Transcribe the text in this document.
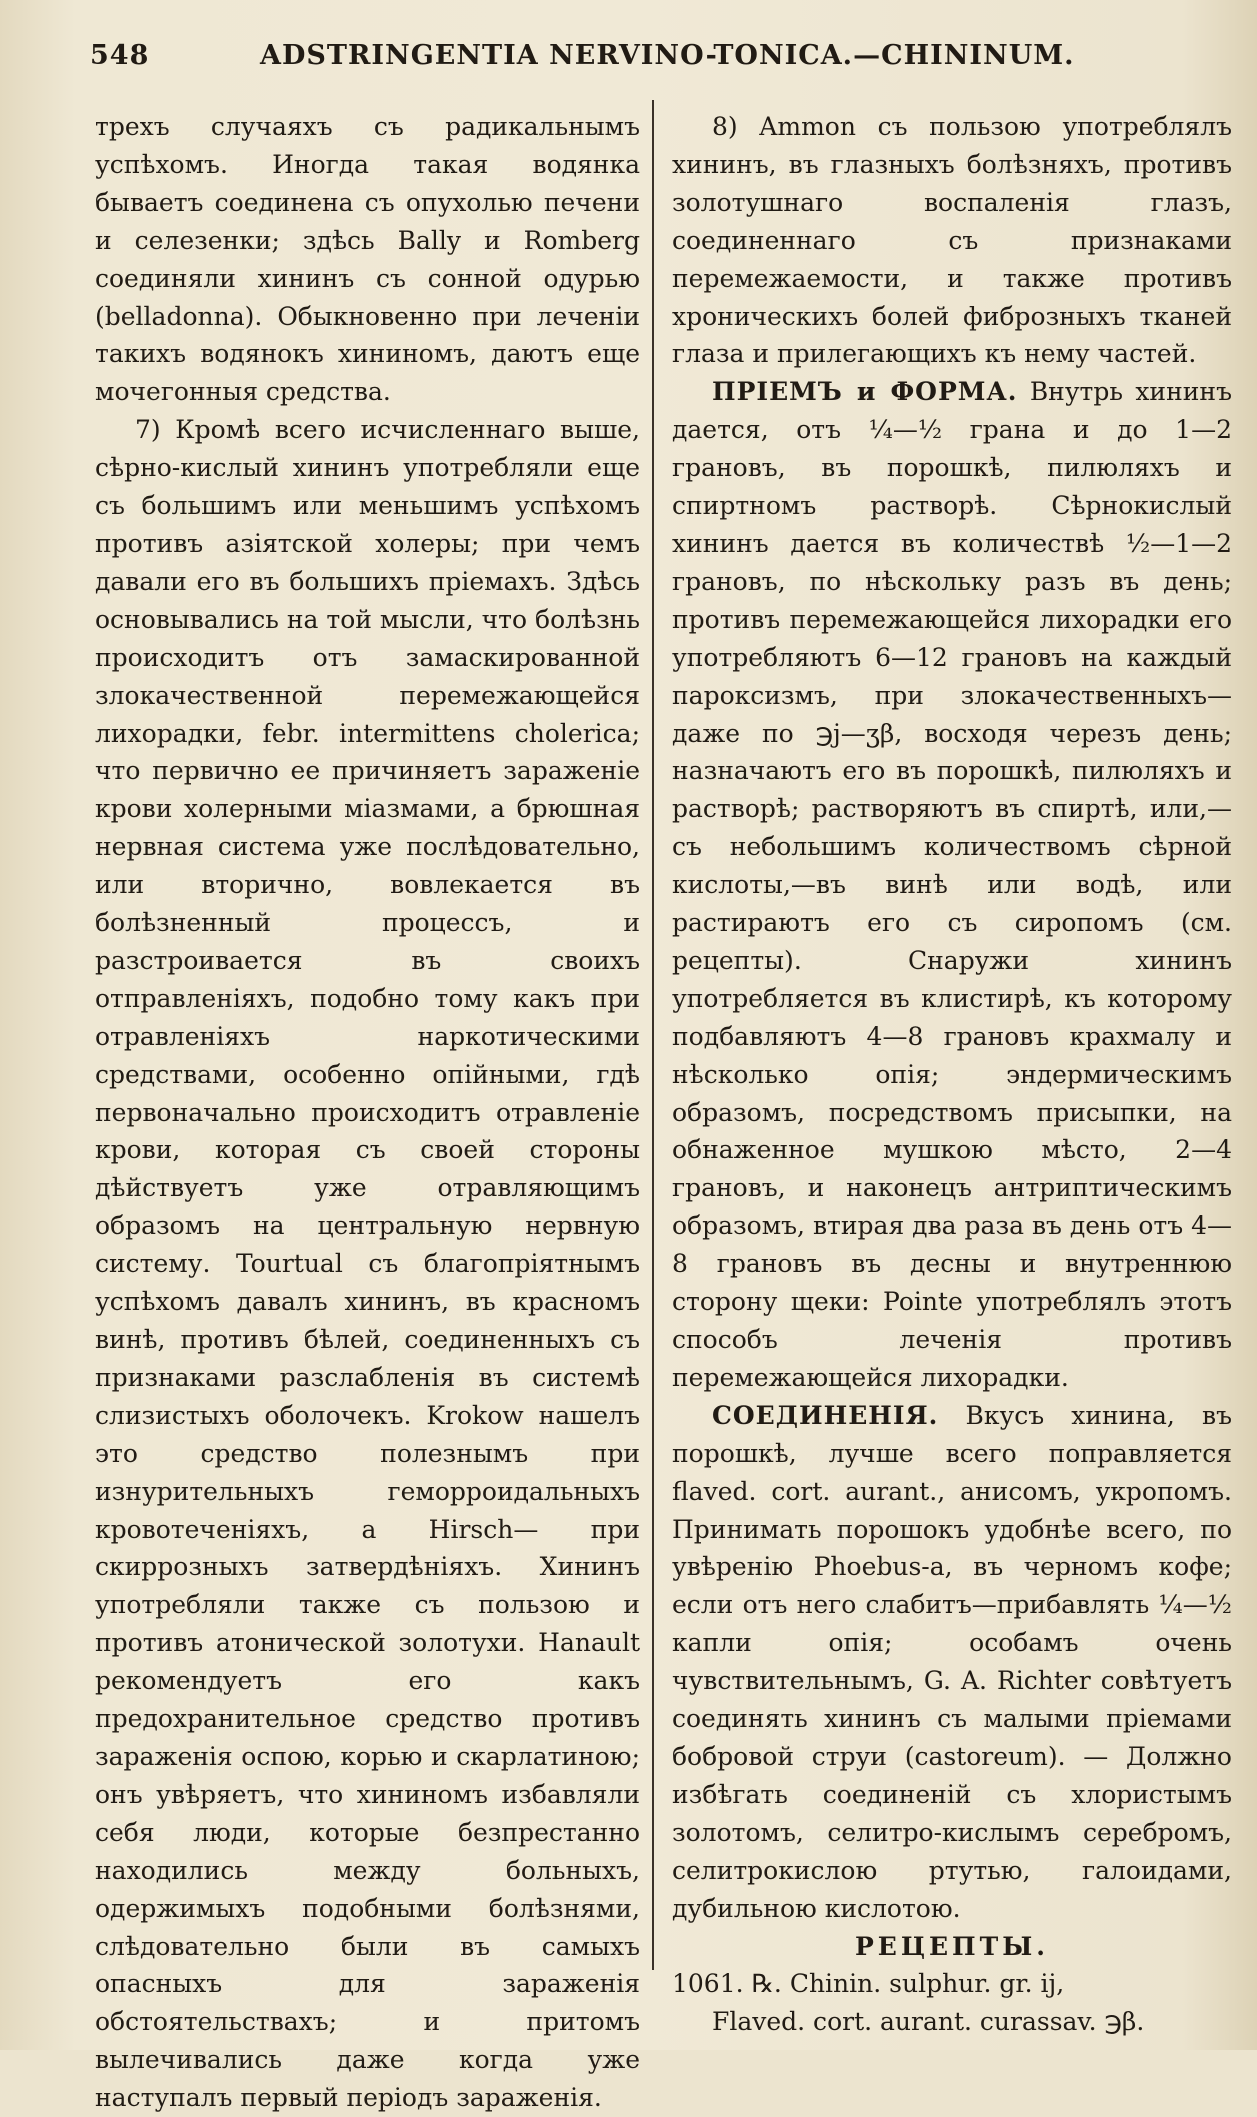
548	ADSTRINGENTIA NERVINO-TONICA.—CHININUM.

трехъ случаяхъ съ радикальнымъ успѣхомъ. Иногда такая водянка бываетъ соединена съ опухолью печени и селезенки; здѣсь Bally и Romberg соединяли хининъ съ сонной одурью (belladonna). Обыкновенно при леченіи такихъ водянокъ хининомъ, даютъ еще мочегонныя средства.

7) Кромѣ всего исчисленнаго выше, сѣрно-кислый хининъ употребляли еще съ большимъ или меньшимъ успѣхомъ противъ азіятской холеры; при чемъ давали его въ большихъ пріемахъ. Здѣсь основывались на той мысли, что болѣзнь происходитъ отъ замаскированной злокачественной перемежающейся лихорадки, febr. intermittens cholerica; что первично ее причиняетъ зараженіе крови холерными міазмами, а брюшная нервная система уже послѣдовательно, или вторично, вовлекается въ болѣзненный процессъ, и разстроивается въ своихъ отправленіяхъ, подобно тому какъ при отравленіяхъ наркотическими средствами, особенно опійными, гдѣ первоначально происходитъ отравленіе крови, которая съ своей стороны дѣйствуетъ уже отравляющимъ образомъ на центральную нервную систему. Tourtual съ благопріятнымъ успѣхомъ давалъ хининъ, въ красномъ винѣ, противъ бѣлей, соединенныхъ съ признаками разслабленія въ системѣ слизистыхъ оболочекъ. Krokow нашелъ это средство полезнымъ при изнурительныхъ геморроидальныхъ кровотеченіяхъ, а Hirsch— при скиррозныхъ затвердѣніяхъ. Хининъ употребляли также съ пользою и противъ атонической золотухи. Hanault рекомендуетъ его какъ предохранительное средство противъ зараженія оспою, корью и скарлатиною; онъ увѣряетъ, что хининомъ избавляли себя люди, которые безпрестанно находились между больныхъ, одержимыхъ подобными болѣзнями, слѣдовательно были въ самыхъ опасныхъ для зараженія обстоятельствахъ; и притомъ вылечивались даже когда уже наступалъ первый періодъ зараженія.

8) Ammon съ пользою употреблялъ хининъ, въ глазныхъ болѣзняхъ, противъ золотушнаго воспаленія глазъ, соединеннаго съ признаками перемежаемости, и также противъ хроническихъ болей фиброзныхъ тканей глаза и прилегающихъ къ нему частей.

ПРІЕМЪ и ФОРМА. Внутрь хининъ дается, отъ ¼—½ грана и до 1—2 грановъ, въ порошкѣ, пилюляхъ и спиртномъ растворѣ. Сѣрнокислый хининъ дается въ количествѣ ½—1—2 грановъ, по нѣскольку разъ въ день; противъ перемежающейся лихорадки его употребляютъ 6—12 грановъ на каждый пароксизмъ, при злокачественныхъ—даже по ℈j—ʒβ, восходя черезъ день; назначаютъ его въ порошкѣ, пилюляхъ и растворѣ; растворяютъ въ спиртѣ, или,—съ небольшимъ количествомъ сѣрной кислоты,—въ винѣ или водѣ, или растираютъ его съ сиропомъ (см. рецепты). Снаружи хининъ употребляется въ клистирѣ, къ которому подбавляютъ 4—8 грановъ крахмалу и нѣсколько опія; эндермическимъ образомъ, посредствомъ присыпки, на обнаженное мушкою мѣсто, 2—4 грановъ, и наконецъ антриптическимъ образомъ, втирая два раза въ день отъ 4—8 грановъ въ десны и внутреннюю сторону щеки: Pointe употреблялъ этотъ способъ леченія противъ перемежающейся лихорадки.

СОЕДИНЕНІЯ. Вкусъ хинина, въ порошкѣ, лучше всего поправляется flaved. cort. aurant., анисомъ, укропомъ. Принимать порошокъ удобнѣе всего, по увѣренію Phoebus-а, въ черномъ кофе; если отъ него слабитъ—прибавлять ¼—½ капли опія; особамъ очень чувствительнымъ, G. A. Richter совѣтуетъ соединять хининъ съ малыми пріемами бобровой струи (castoreum). — Должно избѣгать соединеній съ хлористымъ золотомъ, селитро-кислымъ серебромъ, селитрокислою ртутью, галоидами, дубильною кислотою.

РЕЦЕПТЫ.

1061. ℞. Chinin. sulphur. gr. ij,

Flaved. cort. aurant. curassav. ℈β.
